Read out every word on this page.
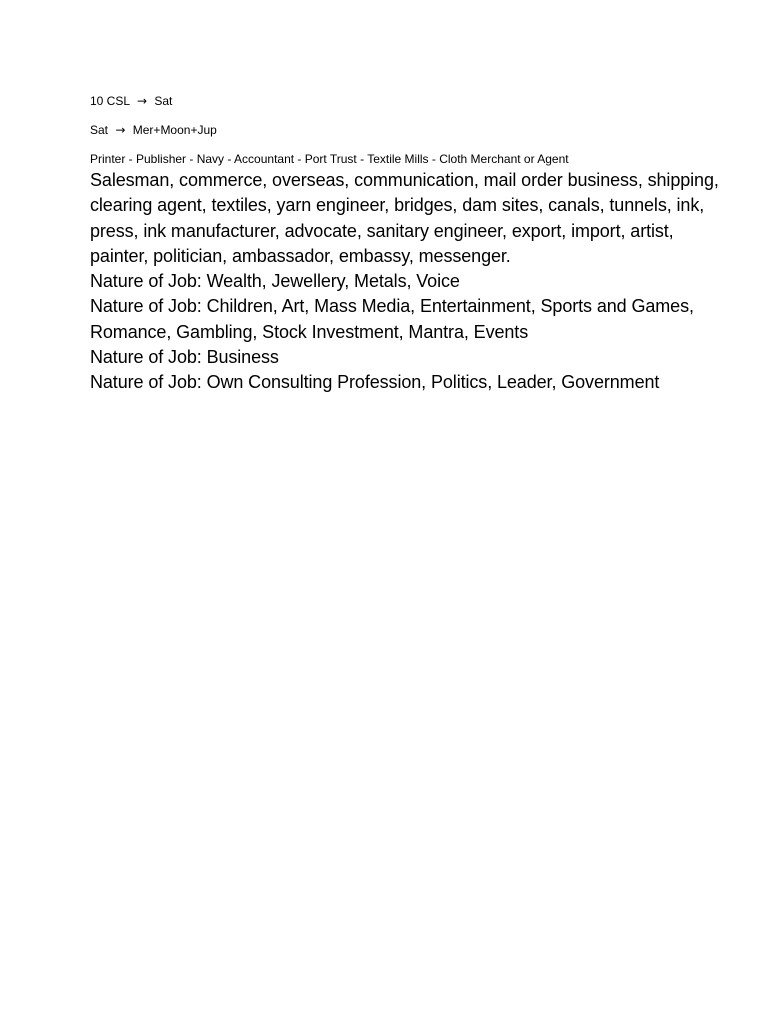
10 CSL → Sat

Sat → Mer+Moon+Jup

Printer - Publisher - Navy - Accountant - Port Trust - Textile Mills - Cloth Merchant or Agent

Salesman, commerce, overseas, communication, mail order business, shipping, clearing agent, textiles, yarn engineer, bridges, dam sites, canals, tunnels, ink, press, ink manufacturer, advocate, sanitary engineer, export, import, artist, painter, politician, ambassador, embassy, messenger.

Nature of Job: Wealth, Jewellery, Metals, Voice

Nature of Job: Children, Art, Mass Media, Entertainment, Sports and Games, Romance, Gambling, Stock Investment, Mantra, Events

Nature of Job: Business

Nature of Job: Own Consulting Profession, Politics, Leader, Government
